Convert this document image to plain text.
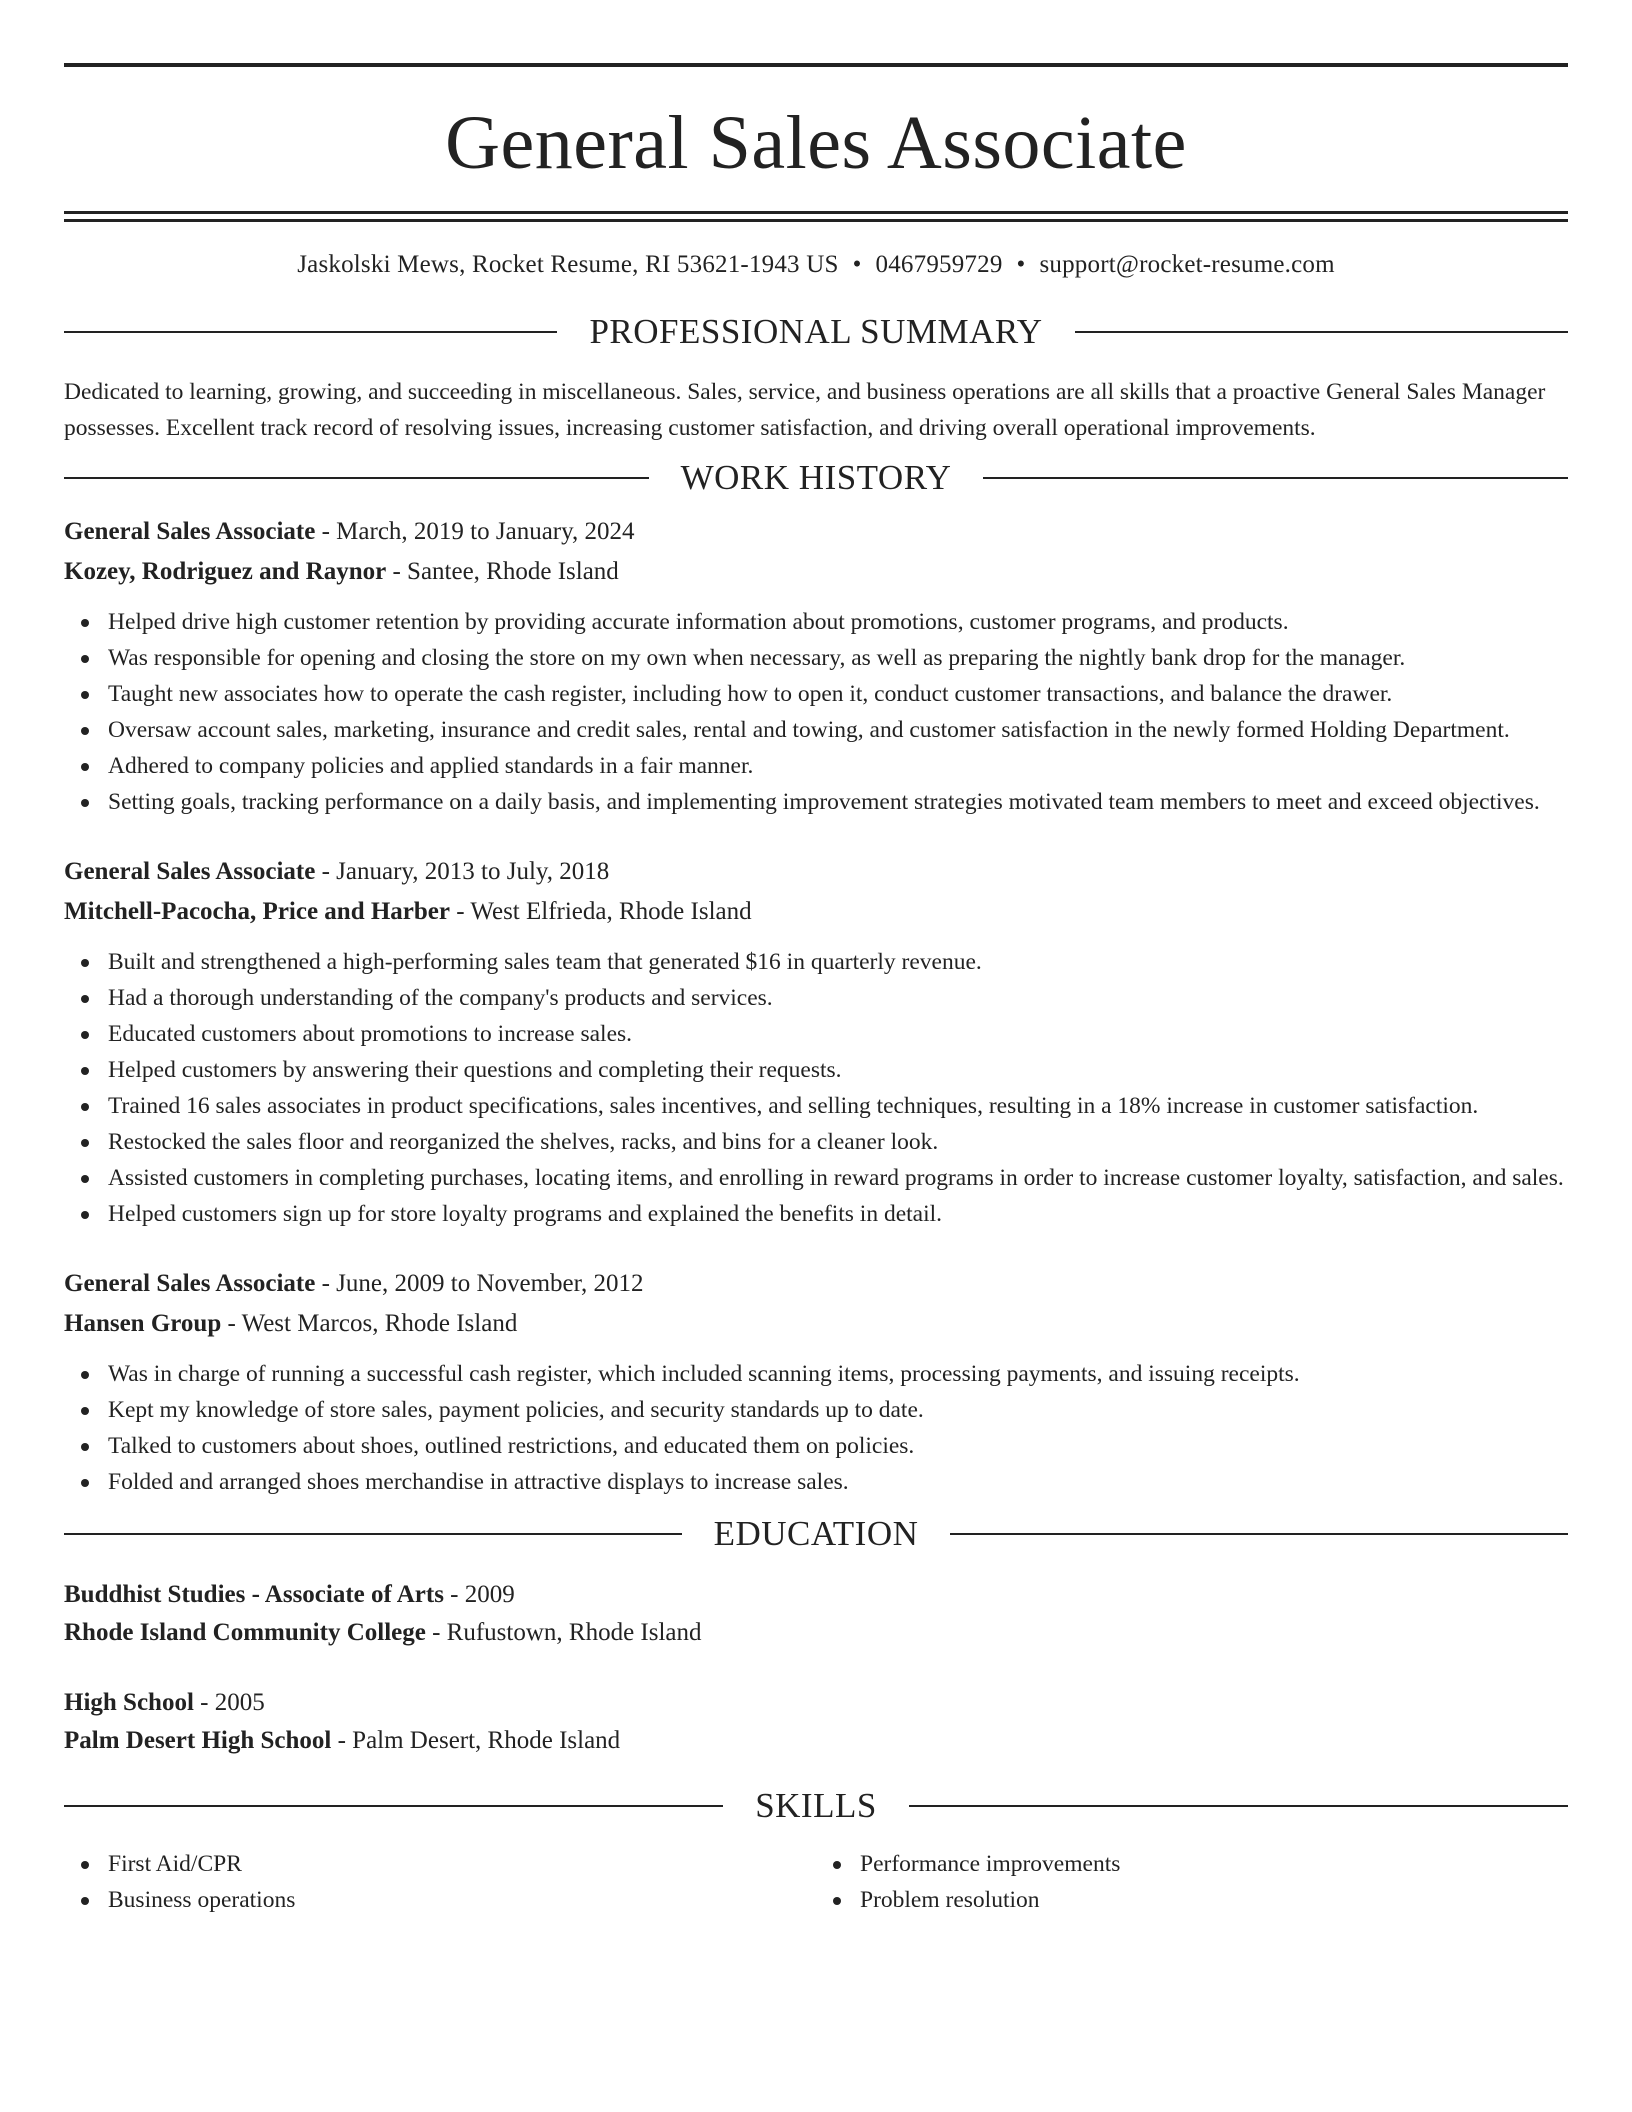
General Sales Associate
Jaskolski Mews, Rocket Resume, RI 53621-1943 US • 0467959729 • support@rocket-resume.com
PROFESSIONAL SUMMARY
Dedicated to learning, growing, and succeeding in miscellaneous. Sales, service, and business operations are all skills that a proactive General Sales Manager possesses. Excellent track record of resolving issues, increasing customer satisfaction, and driving overall operational improvements.
WORK HISTORY
General Sales Associate - March, 2019 to January, 2024
Kozey, Rodriguez and Raynor - Santee, Rhode Island
Helped drive high customer retention by providing accurate information about promotions, customer programs, and products.
Was responsible for opening and closing the store on my own when necessary, as well as preparing the nightly bank drop for the manager.
Taught new associates how to operate the cash register, including how to open it, conduct customer transactions, and balance the drawer.
Oversaw account sales, marketing, insurance and credit sales, rental and towing, and customer satisfaction in the newly formed Holding Department.
Adhered to company policies and applied standards in a fair manner.
Setting goals, tracking performance on a daily basis, and implementing improvement strategies motivated team members to meet and exceed objectives.
General Sales Associate - January, 2013 to July, 2018
Mitchell-Pacocha, Price and Harber - West Elfrieda, Rhode Island
Built and strengthened a high-performing sales team that generated $16 in quarterly revenue.
Had a thorough understanding of the company's products and services.
Educated customers about promotions to increase sales.
Helped customers by answering their questions and completing their requests.
Trained 16 sales associates in product specifications, sales incentives, and selling techniques, resulting in a 18% increase in customer satisfaction.
Restocked the sales floor and reorganized the shelves, racks, and bins for a cleaner look.
Assisted customers in completing purchases, locating items, and enrolling in reward programs in order to increase customer loyalty, satisfaction, and sales.
Helped customers sign up for store loyalty programs and explained the benefits in detail.
General Sales Associate - June, 2009 to November, 2012
Hansen Group - West Marcos, Rhode Island
Was in charge of running a successful cash register, which included scanning items, processing payments, and issuing receipts.
Kept my knowledge of store sales, payment policies, and security standards up to date.
Talked to customers about shoes, outlined restrictions, and educated them on policies.
Folded and arranged shoes merchandise in attractive displays to increase sales.
EDUCATION
Buddhist Studies - Associate of Arts - 2009
Rhode Island Community College - Rufustown, Rhode Island
High School - 2005
Palm Desert High School - Palm Desert, Rhode Island
SKILLS
First Aid/CPR
Business operations
Performance improvements
Problem resolution
